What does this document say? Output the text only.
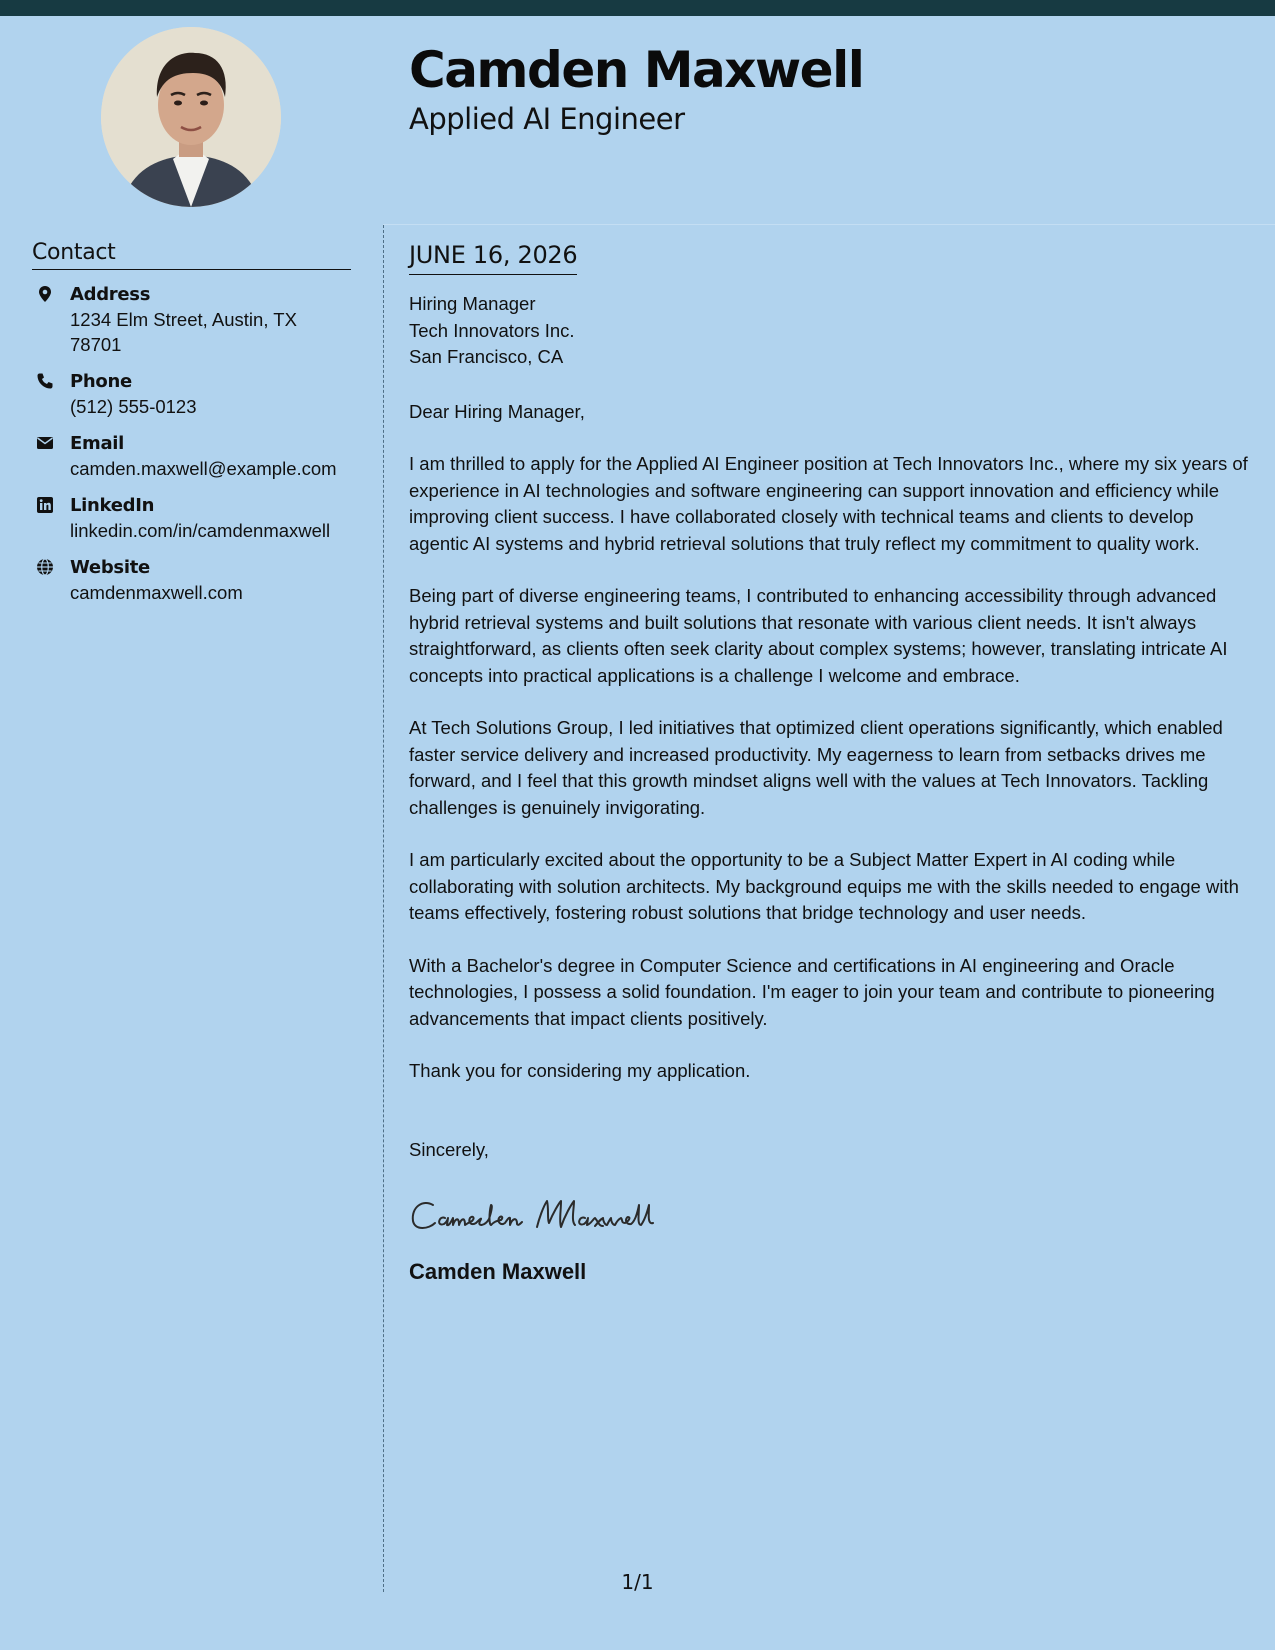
Camden Maxwell
Applied AI Engineer
Contact
Address
1234 Elm Street, Austin, TX 78701
Phone
(512) 555-0123
Email
camden.maxwell@example.com
LinkedIn
linkedin.com/in/camdenmaxwell
Website
camdenmaxwell.com
JUNE 16, 2026
Hiring Manager
Tech Innovators Inc.
San Francisco, CA
Dear Hiring Manager,
I am thrilled to apply for the Applied AI Engineer position at Tech Innovators Inc., where my six years of experience in AI technologies and software engineering can support innovation and efficiency while improving client success. I have collaborated closely with technical teams and clients to develop agentic AI systems and hybrid retrieval solutions that truly reflect my commitment to quality work.
Being part of diverse engineering teams, I contributed to enhancing accessibility through advanced hybrid retrieval systems and built solutions that resonate with various client needs. It isn't always straightforward, as clients often seek clarity about complex systems; however, translating intricate AI concepts into practical applications is a challenge I welcome and embrace.
At Tech Solutions Group, I led initiatives that optimized client operations significantly, which enabled faster service delivery and increased productivity. My eagerness to learn from setbacks drives me forward, and I feel that this growth mindset aligns well with the values at Tech Innovators. Tackling challenges is genuinely invigorating.
I am particularly excited about the opportunity to be a Subject Matter Expert in AI coding while collaborating with solution architects. My background equips me with the skills needed to engage with teams effectively, fostering robust solutions that bridge technology and user needs.
With a Bachelor's degree in Computer Science and certifications in AI engineering and Oracle technologies, I possess a solid foundation. I'm eager to join your team and contribute to pioneering advancements that impact clients positively.
Thank you for considering my application.
Sincerely,
Camden Maxwell
1/1
